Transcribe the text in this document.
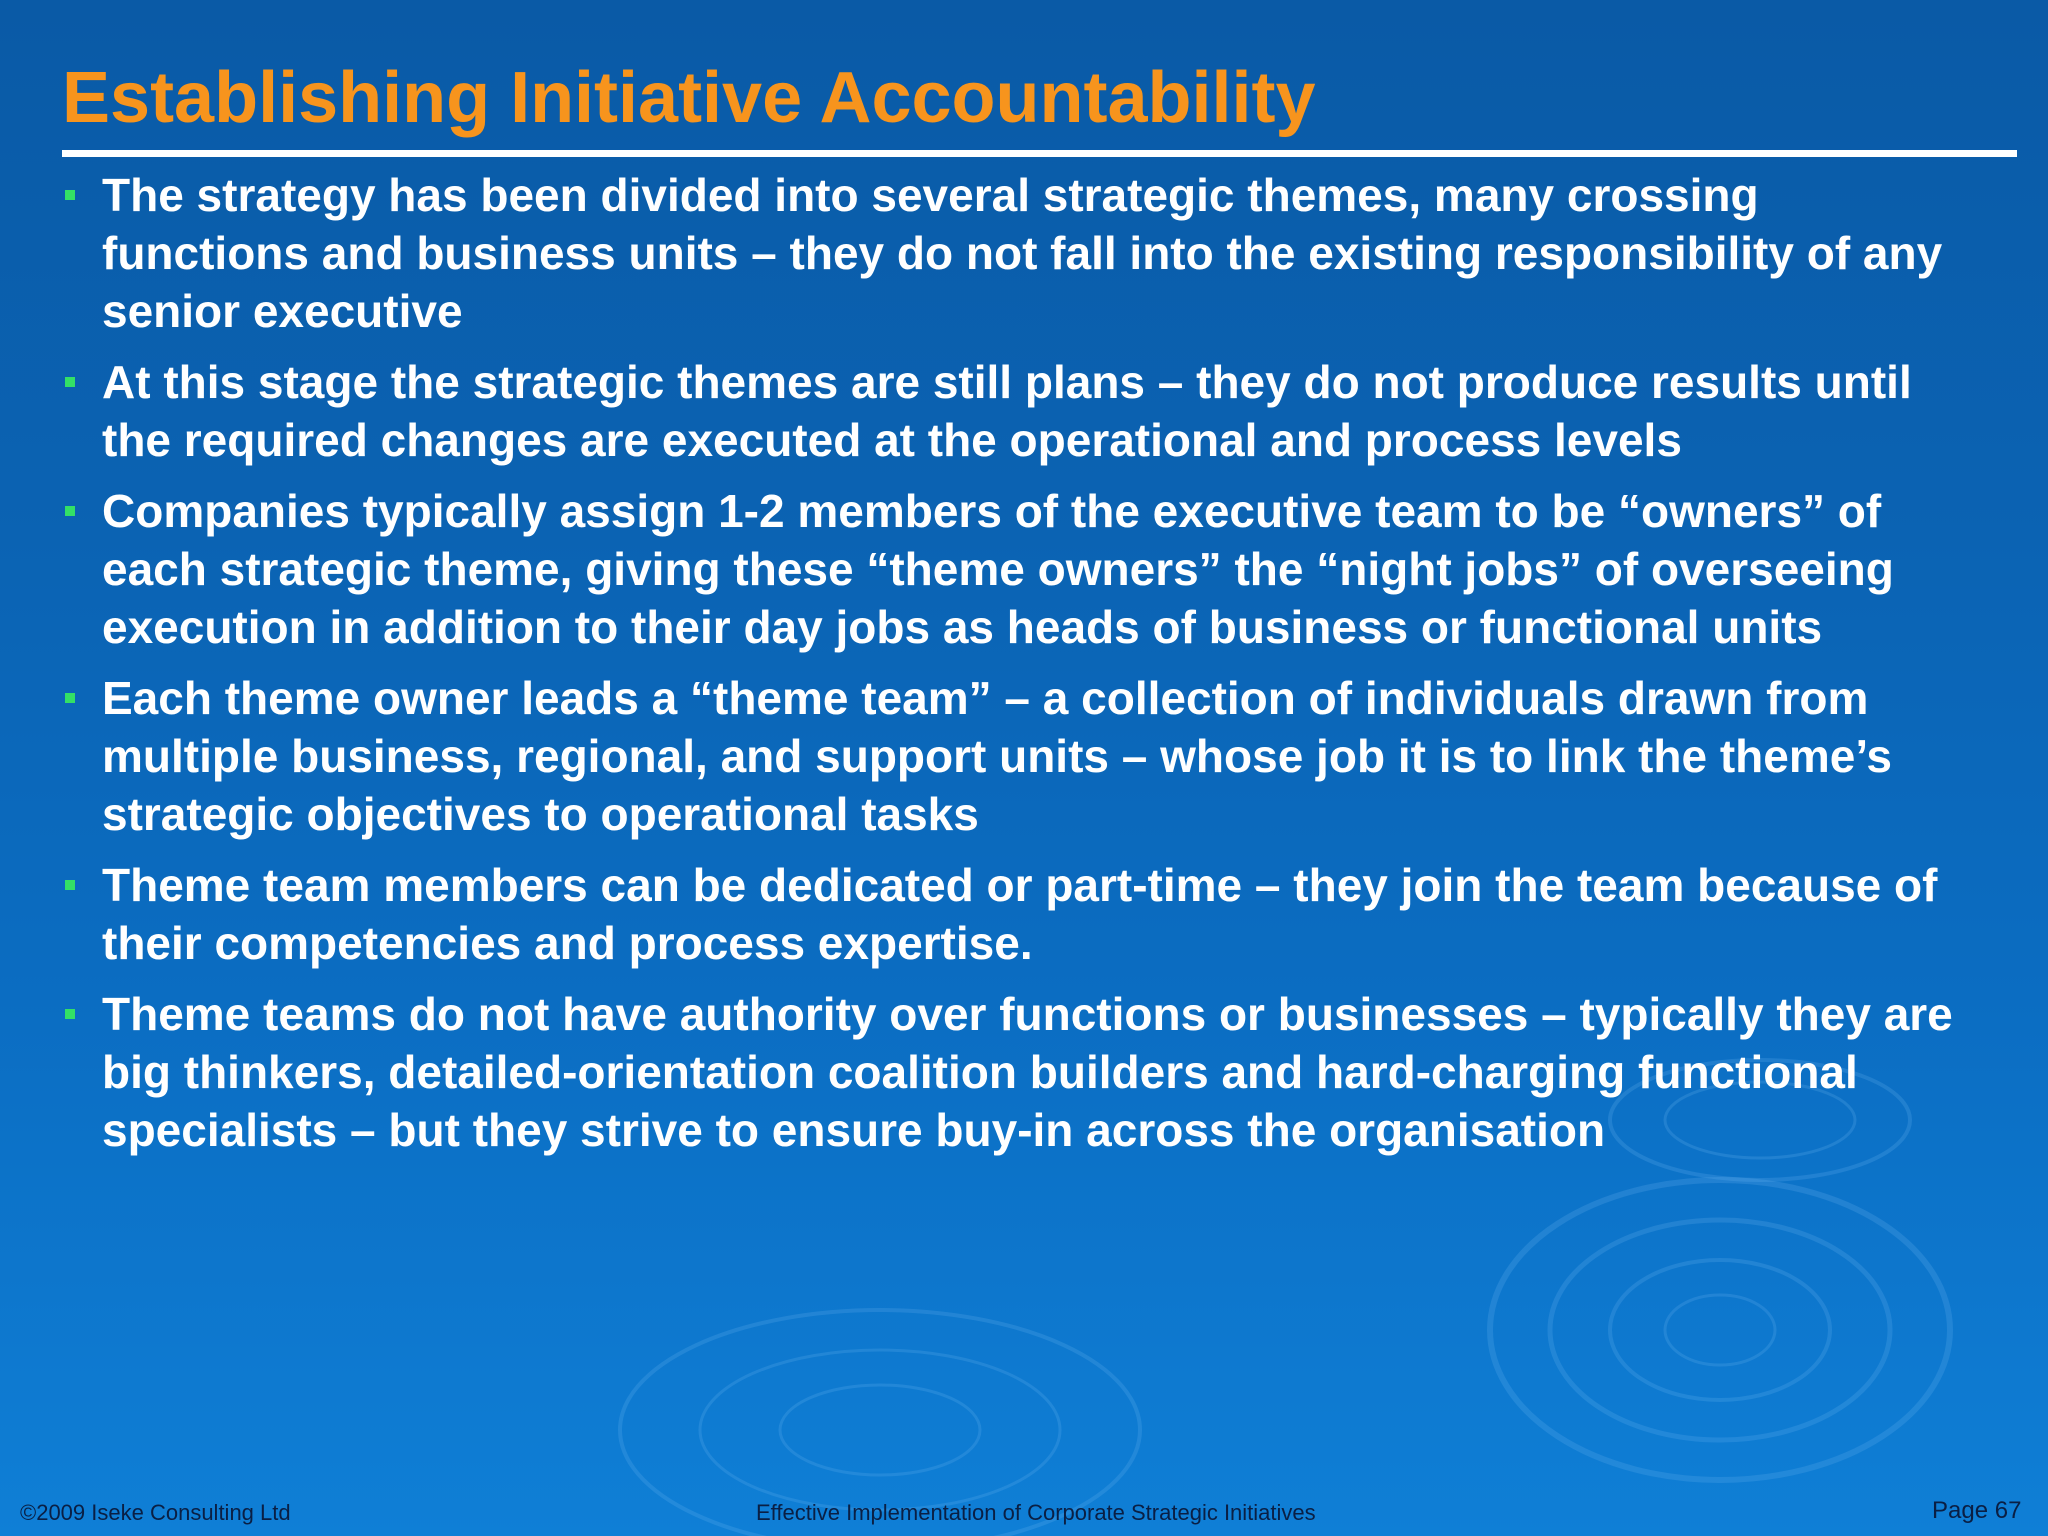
Establishing Initiative Accountability
The strategy has been divided into several strategic themes, many crossing functions and business units – they do not fall into the existing responsibility of any senior executive
At this stage the strategic themes are still plans – they do not produce results until the required changes are executed at the operational and process levels
Companies typically assign 1-2 members of the executive team to be “owners” of each strategic theme, giving these “theme owners” the “night jobs” of overseeing execution in addition to their day jobs as heads of business or functional units
Each theme owner leads a “theme team” – a collection of individuals drawn from multiple business, regional, and support units – whose job it is to link the theme’s strategic objectives to operational tasks
Theme team members can be dedicated or part-time – they join the team because of their competencies and process expertise.
Theme teams do not have authority over functions or businesses – typically they are big thinkers, detailed-orientation coalition builders and hard-charging functional specialists – but they strive to ensure buy-in across the organisation
©2009 Iseke Consulting Ltd	Effective Implementation of Corporate Strategic Initiatives	Page 67
